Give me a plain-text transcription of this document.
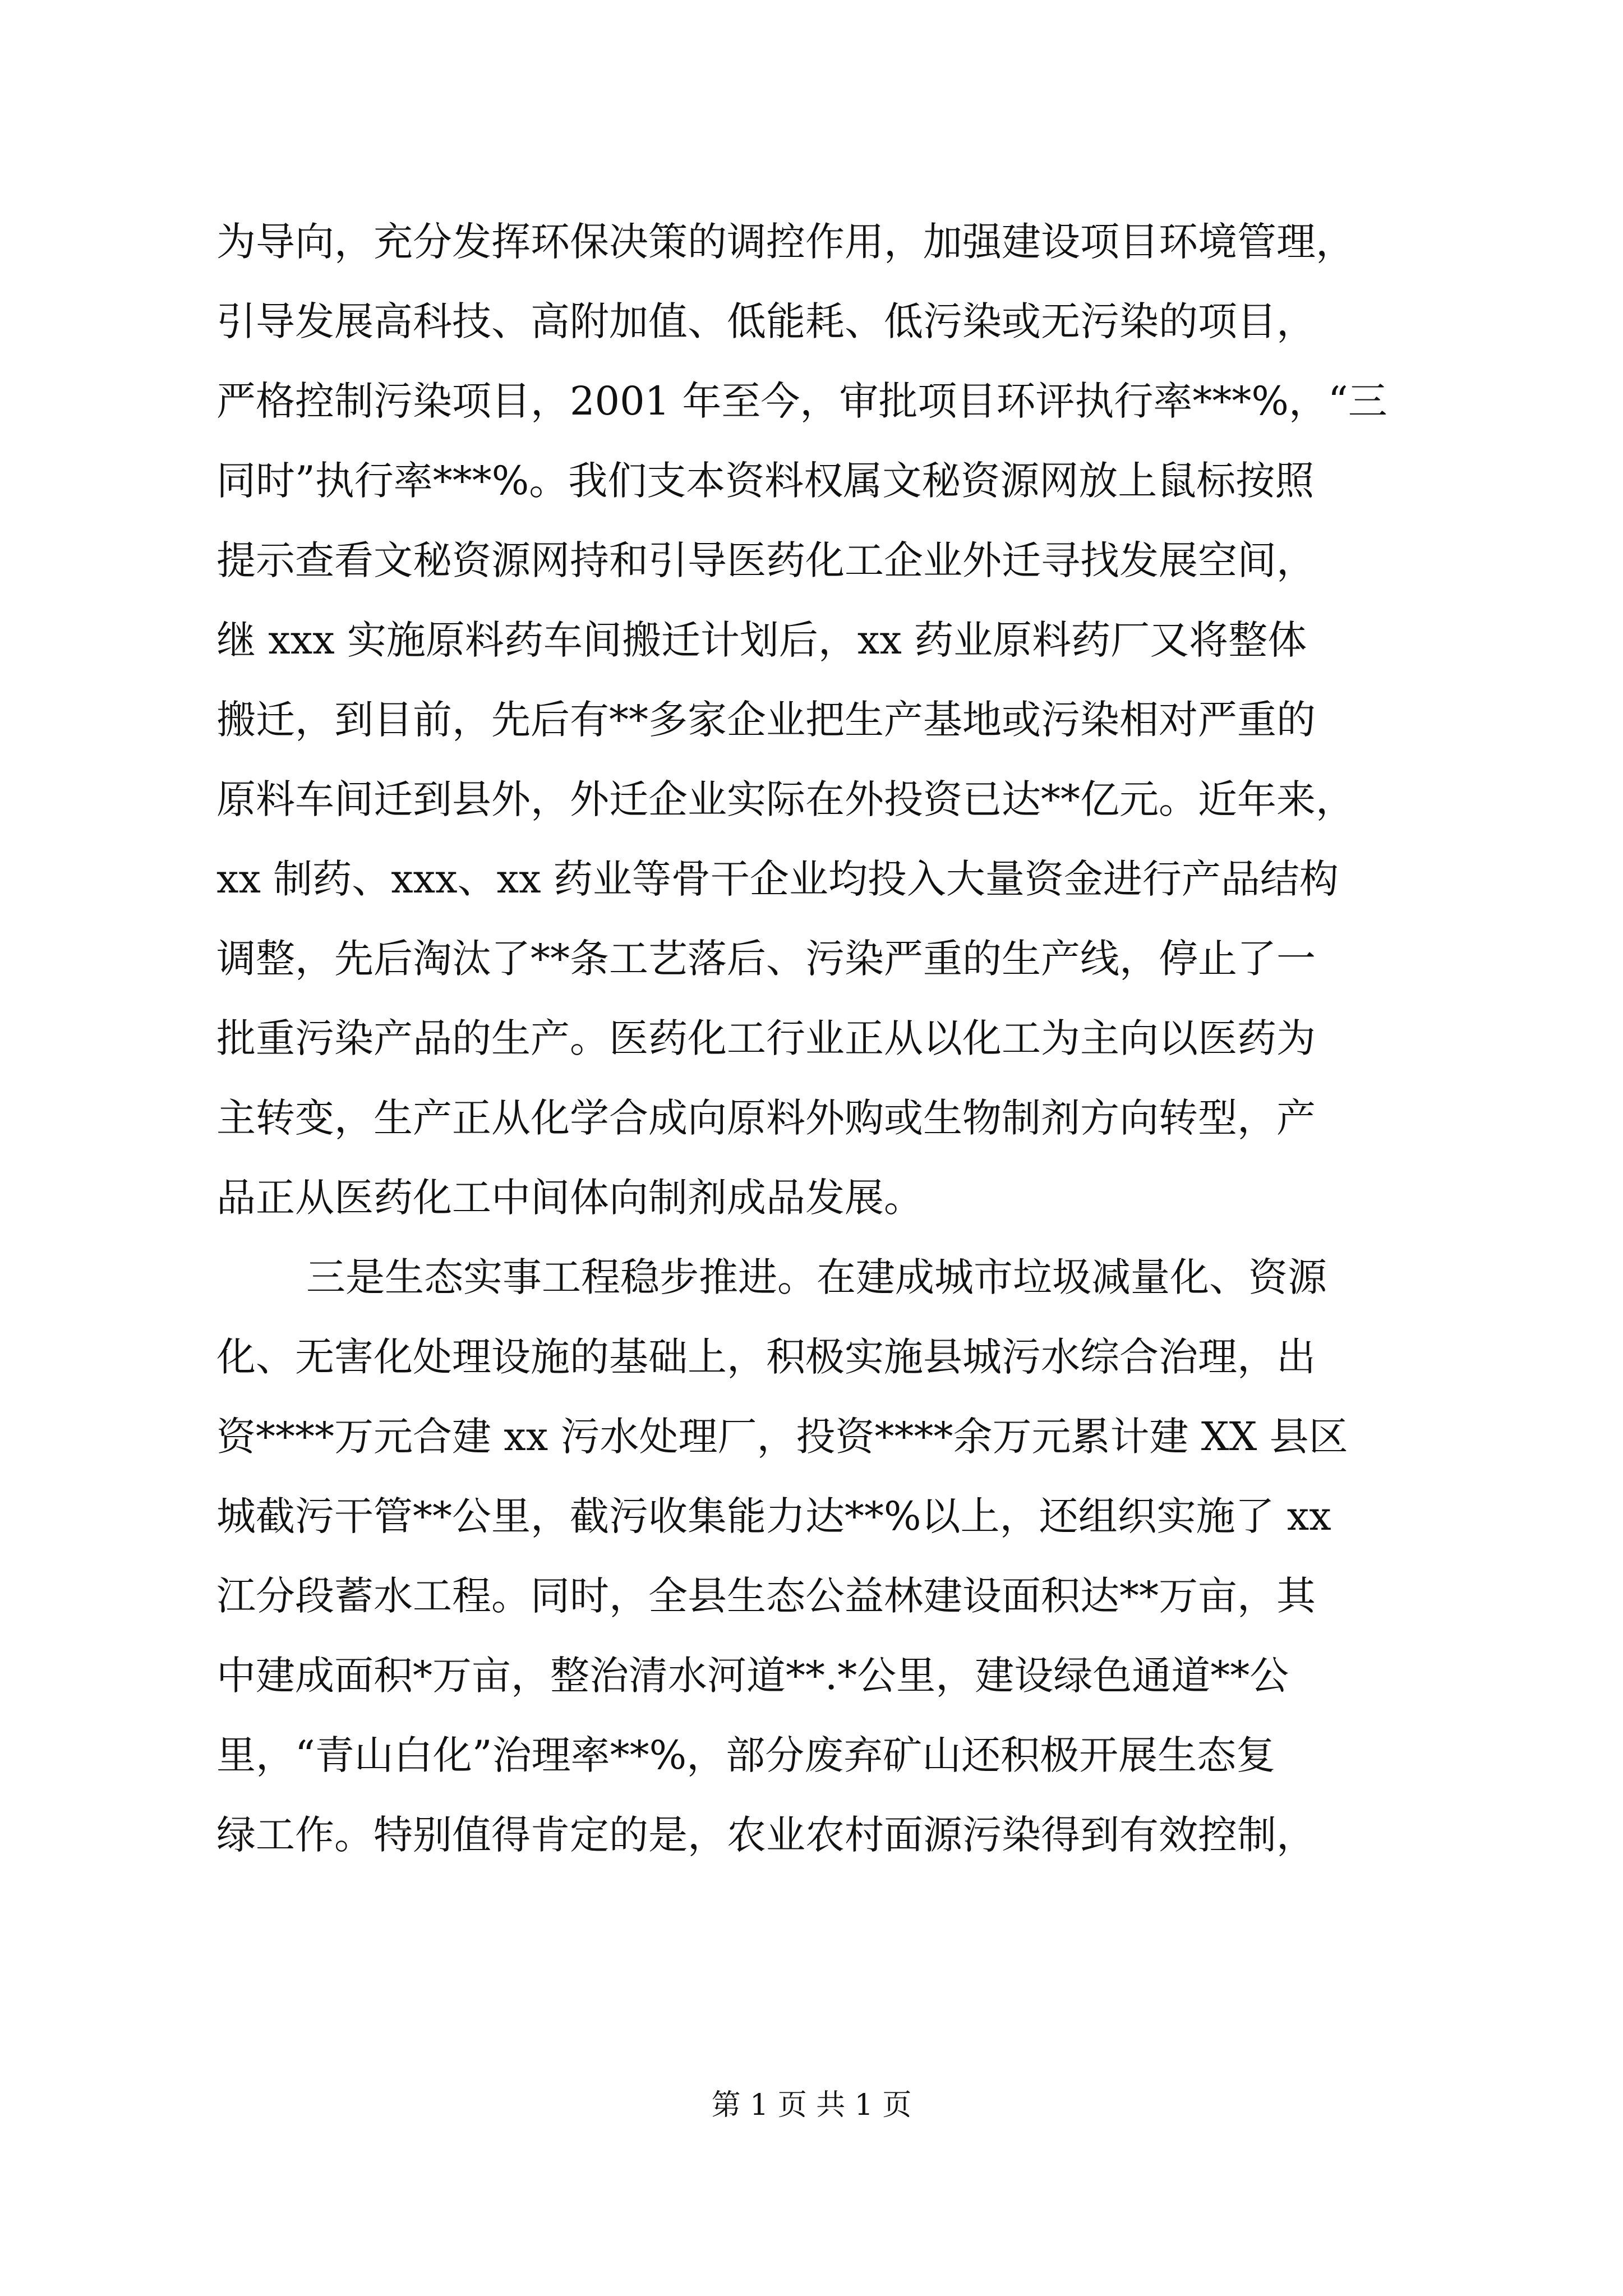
为导向，充分发挥环保决策的调控作用，加强建设项目环境管理，
引导发展高科技、高附加值、低能耗、低污染或无污染的项目，
严格控制污染项目，2001 年至今，审批项目环评执行率***%，“三
同时”执行率***%。我们支本资料权属文秘资源网放上鼠标按照
提示查看文秘资源网持和引导医药化工企业外迁寻找发展空间，
继 xxx 实施原料药车间搬迁计划后，xx 药业原料药厂又将整体
搬迁，到目前，先后有**多家企业把生产基地或污染相对严重的
原料车间迁到县外，外迁企业实际在外投资已达**亿元。近年来，
xx 制药、xxx、xx 药业等骨干企业均投入大量资金进行产品结构
调整，先后淘汰了**条工艺落后、污染严重的生产线，停止了一
批重污染产品的生产。医药化工行业正从以化工为主向以医药为
主转变，生产正从化学合成向原料外购或生物制剂方向转型，产
品正从医药化工中间体向制剂成品发展。
三是生态实事工程稳步推进。在建成城市垃圾减量化、资源
化、无害化处理设施的基础上，积极实施县城污水综合治理，出
资****万元合建 xx 污水处理厂，投资****余万元累计建 XX 县区
城截污干管**公里，截污收集能力达**%以上，还组织实施了 xx
江分段蓄水工程。同时，全县生态公益林建设面积达**万亩，其
中建成面积*万亩，整治清水河道**.*公里，建设绿色通道**公
里，“青山白化”治理率**%，部分废弃矿山还积极开展生态复
绿工作。特别值得肯定的是，农业农村面源污染得到有效控制，
第 1 页 共 1 页
